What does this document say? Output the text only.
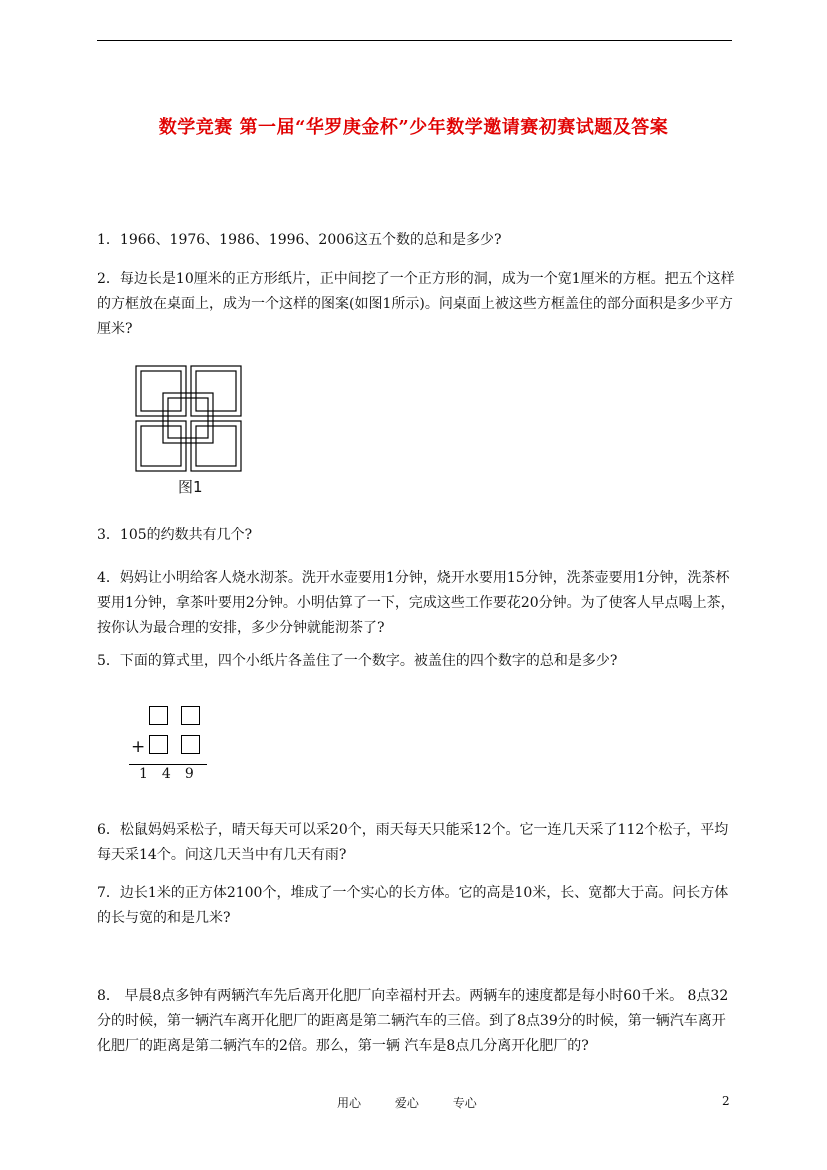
数学竞赛 第一届“华罗庚金杯”少年数学邀请赛初赛试题及答案

1．1966、1976、1986、1996、2006这五个数的总和是多少?

2．每边长是10厘米的正方形纸片，正中间挖了一个正方形的洞，成为一个宽1厘米的方框。把五个这样的方框放在桌面上，成为一个这样的图案(如图1所示)。问桌面上被这些方框盖住的部分面积是多少平方厘米?

图1

3．105的约数共有几个?

4．妈妈让小明给客人烧水沏茶。洗开水壶要用1分钟，烧开水要用15分钟，洗茶壶要用1分钟，洗茶杯要用1分钟，拿茶叶要用2分钟。小明估算了一下，完成这些工作要花20分钟。为了使客人早点喝上茶，按你认为最合理的安排，多少分钟就能沏茶了?

5．下面的算式里，四个小纸片各盖住了一个数字。被盖住的四个数字的总和是多少?

+
149

6．松鼠妈妈采松子，晴天每天可以采20个，雨天每天只能采12个。它一连几天采了112个松子，平均每天采14个。问这几天当中有几天有雨?

7．边长1米的正方体2100个，堆成了一个实心的长方体。它的高是10米，长、宽都大于高。问长方体的长与宽的和是几米?

8． 早晨8点多钟有两辆汽车先后离开化肥厂向幸福村开去。两辆车的速度都是每小时60千米。 8点32分的时候，第一辆汽车离开化肥厂的距离是第二辆汽车的三倍。到了8点39分的时候，第一辆汽车离开化肥厂的距离是第二辆汽车的2倍。那么，第一辆 汽车是8点几分离开化肥厂的?

用心	爱心	专心	2
